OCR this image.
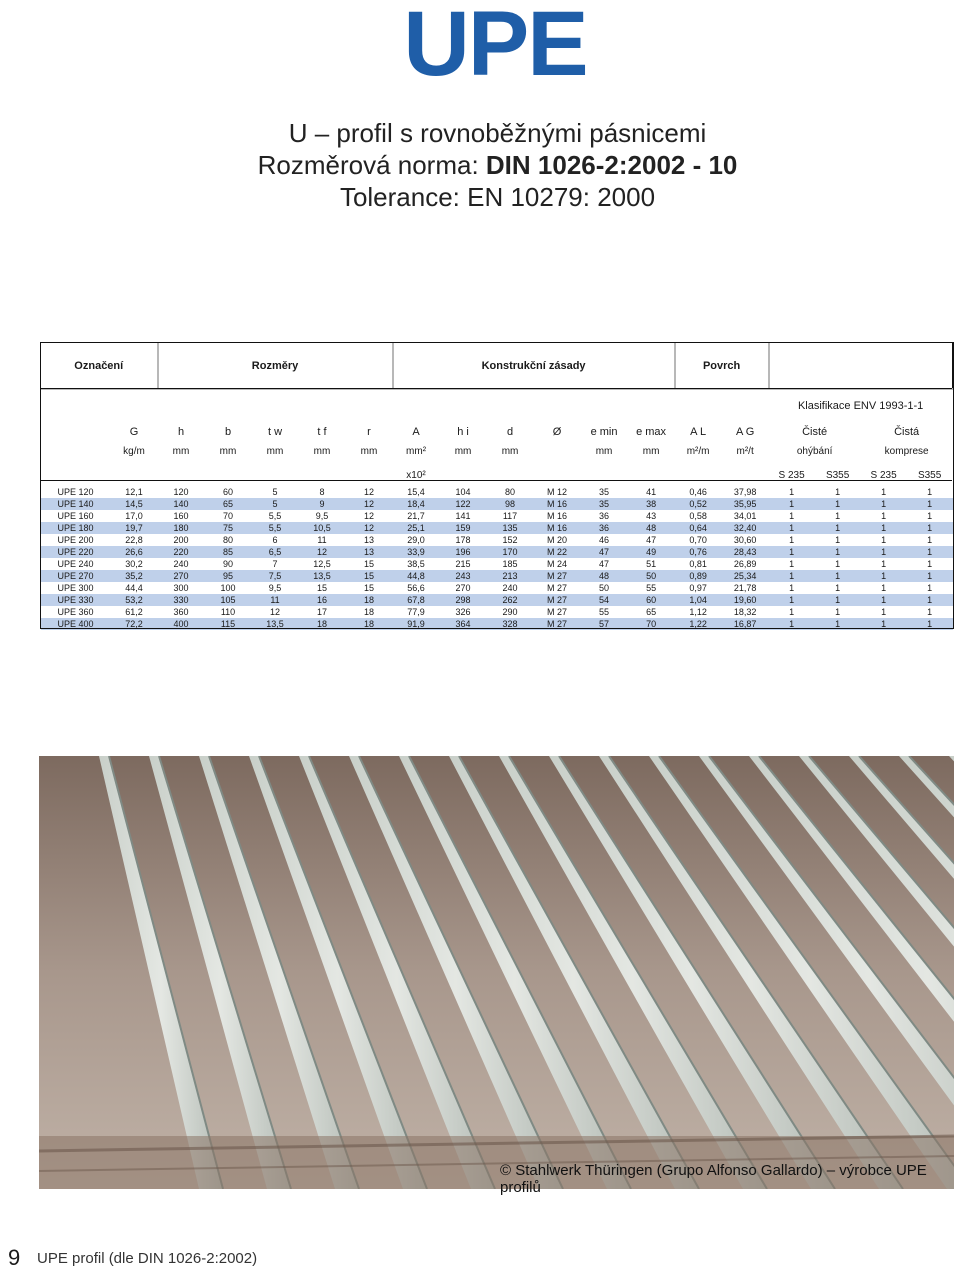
UPE
U – profil s rovnoběžnými pásnicemi
Rozměrová norma: DIN 1026-2:2002 - 10
Tolerance: EN 10279: 2000
Označení		Rozměry					Konstrukční zásady						Povrch					
															Klasifikace ENV 1993-1-1			
	G	h	b	t w	t f	r	A	h i	d	Ø	e min	e max	A L	A G	Čisté		Čistá	
	kg/m	mm	mm	mm	mm	mm	mm²	mm	mm		mm	mm	m²/m	m²/t	ohýbání		komprese	
							x10²								S 235	S355	S 235	S355
UPE 120	12,1	120	60	5	8	12	15,4	104	80	M 12	35	41	0,46	37,98	1	1	1	1
UPE 140	14,5	140	65	5	9	12	18,4	122	98	M 16	35	38	0,52	35,95	1	1	1	1
UPE 160	17,0	160	70	5,5	9,5	12	21,7	141	117	M 16	36	43	0,58	34,01	1	1	1	1
UPE 180	19,7	180	75	5,5	10,5	12	25,1	159	135	M 16	36	48	0,64	32,40	1	1	1	1
UPE 200	22,8	200	80	6	11	13	29,0	178	152	M 20	46	47	0,70	30,60	1	1	1	1
UPE 220	26,6	220	85	6,5	12	13	33,9	196	170	M 22	47	49	0,76	28,43	1	1	1	1
UPE 240	30,2	240	90	7	12,5	15	38,5	215	185	M 24	47	51	0,81	26,89	1	1	1	1
UPE 270	35,2	270	95	7,5	13,5	15	44,8	243	213	M 27	48	50	0,89	25,34	1	1	1	1
UPE 300	44,4	300	100	9,5	15	15	56,6	270	240	M 27	50	55	0,97	21,78	1	1	1	1
UPE 330	53,2	330	105	11	16	18	67,8	298	262	M 27	54	60	1,04	19,60	1	1	1	1
UPE 360	61,2	360	110	12	17	18	77,9	326	290	M 27	55	65	1,12	18,32	1	1	1	1
UPE 400	72,2	400	115	13,5	18	18	91,9	364	328	M 27	57	70	1,22	16,87	1	1	1	1
© Stahlwerk Thüringen (Grupo Alfonso Gallardo) – výrobce UPE profilů
9 UPE profil (dle DIN 1026-2:2002)
